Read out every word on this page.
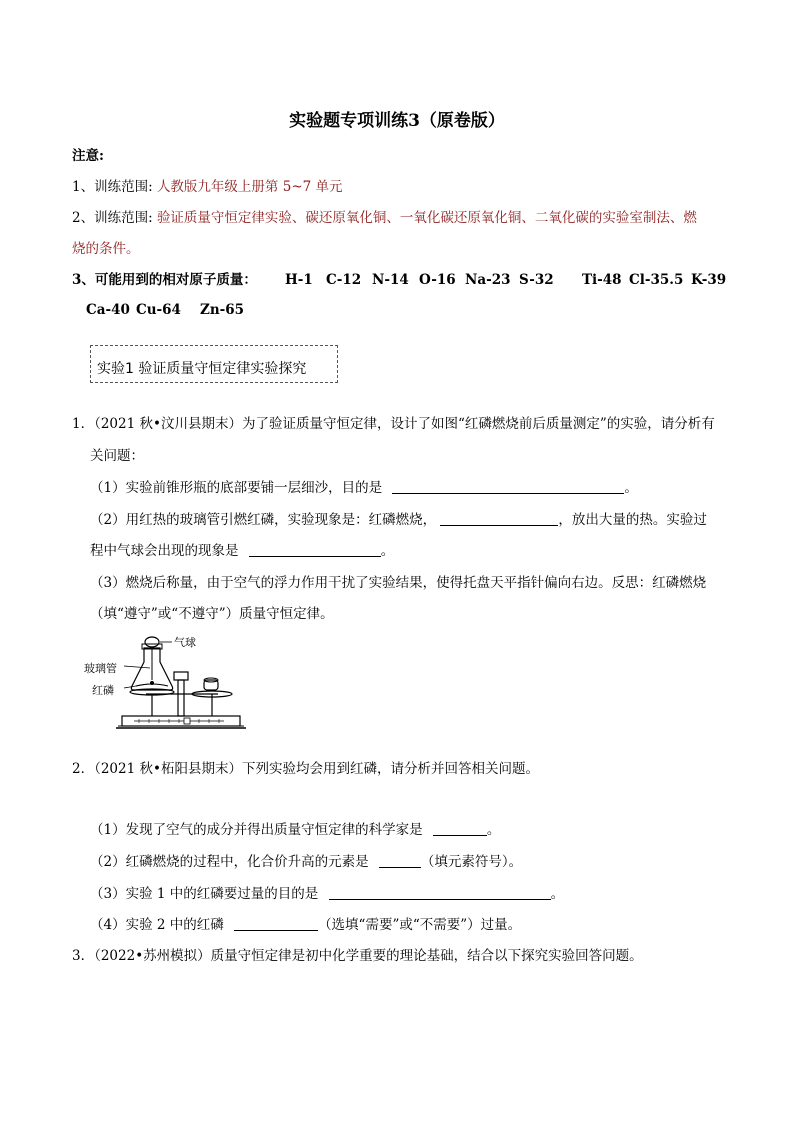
实验题专项训练3（原卷版）
注意:
1、训练范围: 人教版九年级上册第 5~7 单元
2、训练范围: 验证质量守恒定律实验、碳还原氧化铜、一氧化碳还原氧化铜、二氧化碳的实验室制法、燃
烧的条件。
3、可能用到的相对原子质量： H-1 C-12 N-14 O-16 Na-23 S-32 Ti-48 Cl-35.5 K-39
Ca-40 Cu-64 Zn-65
实验1 验证质量守恒定律实验探究
1．（2021 秋•汶川县期末）为了验证质量守恒定律，设计了如图“红磷燃烧前后质量测定”的实验，请分析有
关问题：
（1）实验前锥形瓶的底部要铺一层细沙，目的是	。
（2）用红热的玻璃管引燃红磷，实验现象是：红磷燃烧，	，放出大量的热。实验过
程中气球会出现的现象是	。
（3）燃烧后称量，由于空气的浮力作用干扰了实验结果，使得托盘天平指针偏向右边。反思：红磷燃烧
（填“遵守”或“不遵守”）质量守恒定律。
气球
玻璃管
红磷
2．（2021 秋•柘阳县期末）下列实验均会用到红磷，请分析并回答相关问题。
（1）发现了空气的成分并得出质量守恒定律的科学家是	。
（2）红磷燃烧的过程中，化合价升高的元素是	（填元素符号）。
（3）实验 1 中的红磷要过量的目的是	。
（4）实验 2 中的红磷	（选填“需要”或“不需要”）过量。
3．（2022•苏州模拟）质量守恒定律是初中化学重要的理论基础，结合以下探究实验回答问题。
